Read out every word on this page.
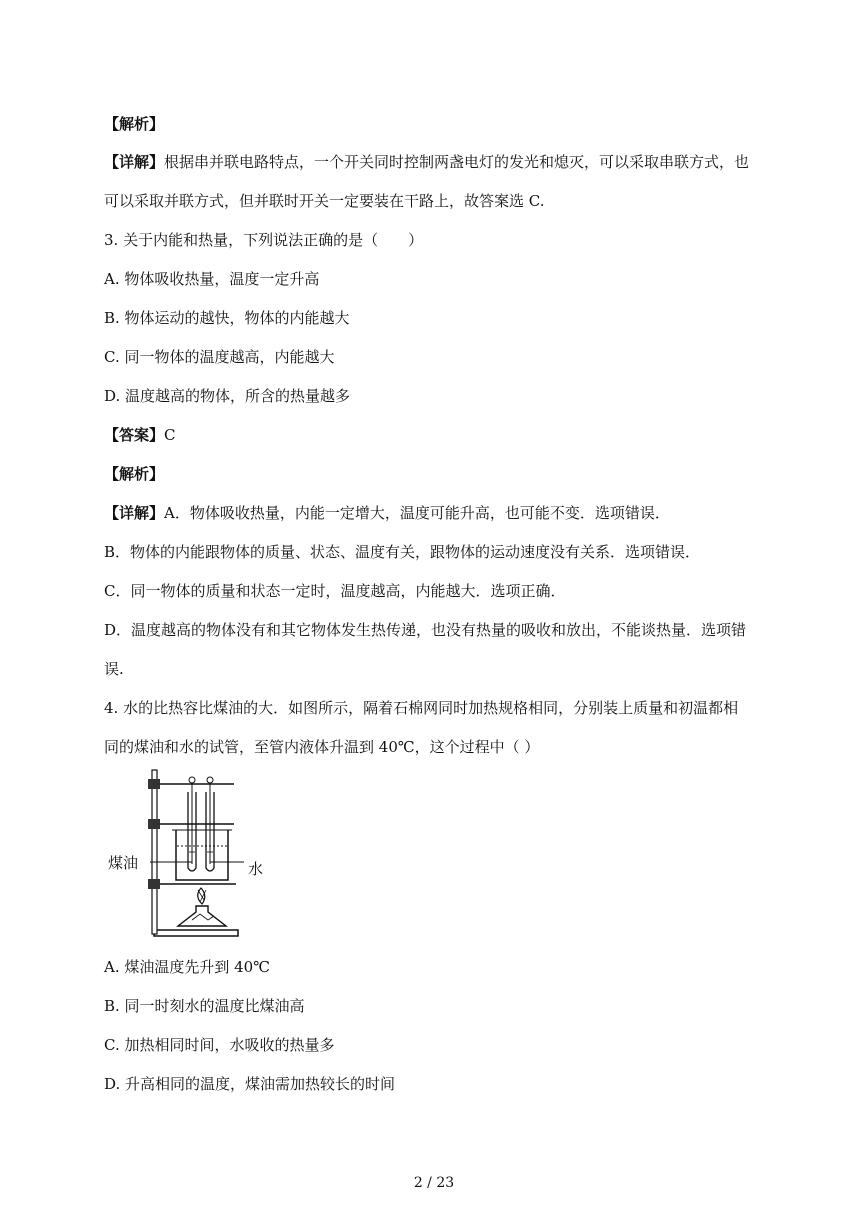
【解析】
【详解】根据串并联电路特点，一个开关同时控制两盏电灯的发光和熄灭，可以采取串联方式，也
可以采取并联方式，但并联时开关一定要装在干路上，故答案选 C.
3. 关于内能和热量，下列说法正确的是（　　）
A. 物体吸收热量，温度一定升高
B. 物体运动的越快，物体的内能越大
C. 同一物体的温度越高，内能越大
D. 温度越高的物体，所含的热量越多
【答案】C
【解析】
【详解】A．物体吸收热量，内能一定增大，温度可能升高，也可能不变．选项错误．
B．物体的内能跟物体的质量、状态、温度有关，跟物体的运动速度没有关系．选项错误．
C．同一物体的质量和状态一定时，温度越高，内能越大．选项正确．
D．温度越高的物体没有和其它物体发生热传递，也没有热量的吸收和放出，不能谈热量．选项错
误.
4. 水的比热容比煤油的大．如图所示，隔着石棉网同时加热规格相同，分别装上质量和初温都相
同的煤油和水的试管，至管内液体升温到 40℃，这个过程中（ ）
煤油	水
A. 煤油温度先升到 40℃
B. 同一时刻水的温度比煤油高
C. 加热相同时间，水吸收的热量多
D. 升高相同的温度，煤油需加热较长的时间
2 / 23
